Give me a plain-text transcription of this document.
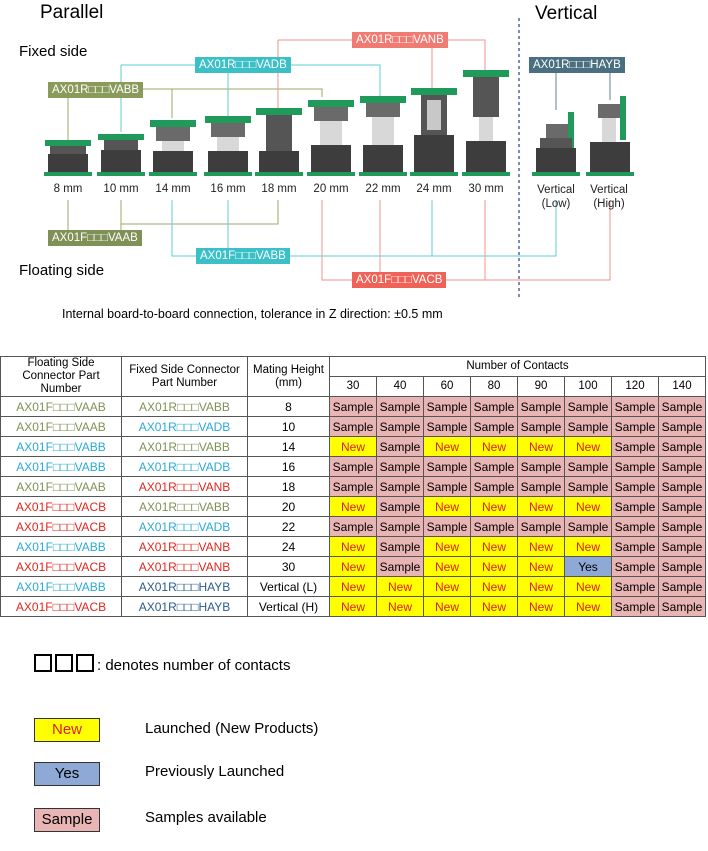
Parallel	Vertical
Fixed side
Floating side
AX01R□□□VABB
AX01R□□□VADB
AX01R□□□VANB
AX01R□□□HAYB
AX01F□□□VAAB
AX01F□□□VABB
AX01F□□□VACB
8 mm	10 mm	14 mm	16 mm	18 mm	20 mm	22 mm	24 mm	30 mm	Vertical
(Low)
Vertical
(High)
Internal board-to-board connection, tolerance in Z direction: ±0.5 mm
Floating Side Connector Part Number	Fixed Side Connector Part Number	Mating Height (mm)	Number of Contacts							
			30	40	60	80	90	100	120	140
AX01F□□□VAAB	AX01R□□□VABB	8	Sample	Sample	Sample	Sample	Sample	Sample	Sample	Sample
AX01F□□□VAAB	AX01R□□□VADB	10	Sample	Sample	Sample	Sample	Sample	Sample	Sample	Sample
AX01F□□□VABB	AX01R□□□VABB	14	New	Sample	New	New	New	New	Sample	Sample
AX01F□□□VABB	AX01R□□□VADB	16	Sample	Sample	Sample	Sample	Sample	Sample	Sample	Sample
AX01F□□□VAAB	AX01R□□□VANB	18	Sample	Sample	Sample	Sample	Sample	Sample	Sample	Sample
AX01F□□□VACB	AX01R□□□VABB	20	New	Sample	New	New	New	New	Sample	Sample
AX01F□□□VACB	AX01R□□□VADB	22	Sample	Sample	Sample	Sample	Sample	Sample	Sample	Sample
AX01F□□□VABB	AX01R□□□VANB	24	New	Sample	New	New	New	New	Sample	Sample
AX01F□□□VACB	AX01R□□□VANB	30	New	Sample	New	New	New	Yes	Sample	Sample
AX01F□□□VABB	AX01R□□□HAYB	Vertical (L)	New	New	New	New	New	New	Sample	Sample
AX01F□□□VACB	AX01R□□□HAYB	Vertical (H)	New	New	New	New	New	New	Sample	Sample
: denotes number of contacts
New	Launched (New Products)
Yes	Previously Launched
Sample	Samples available
